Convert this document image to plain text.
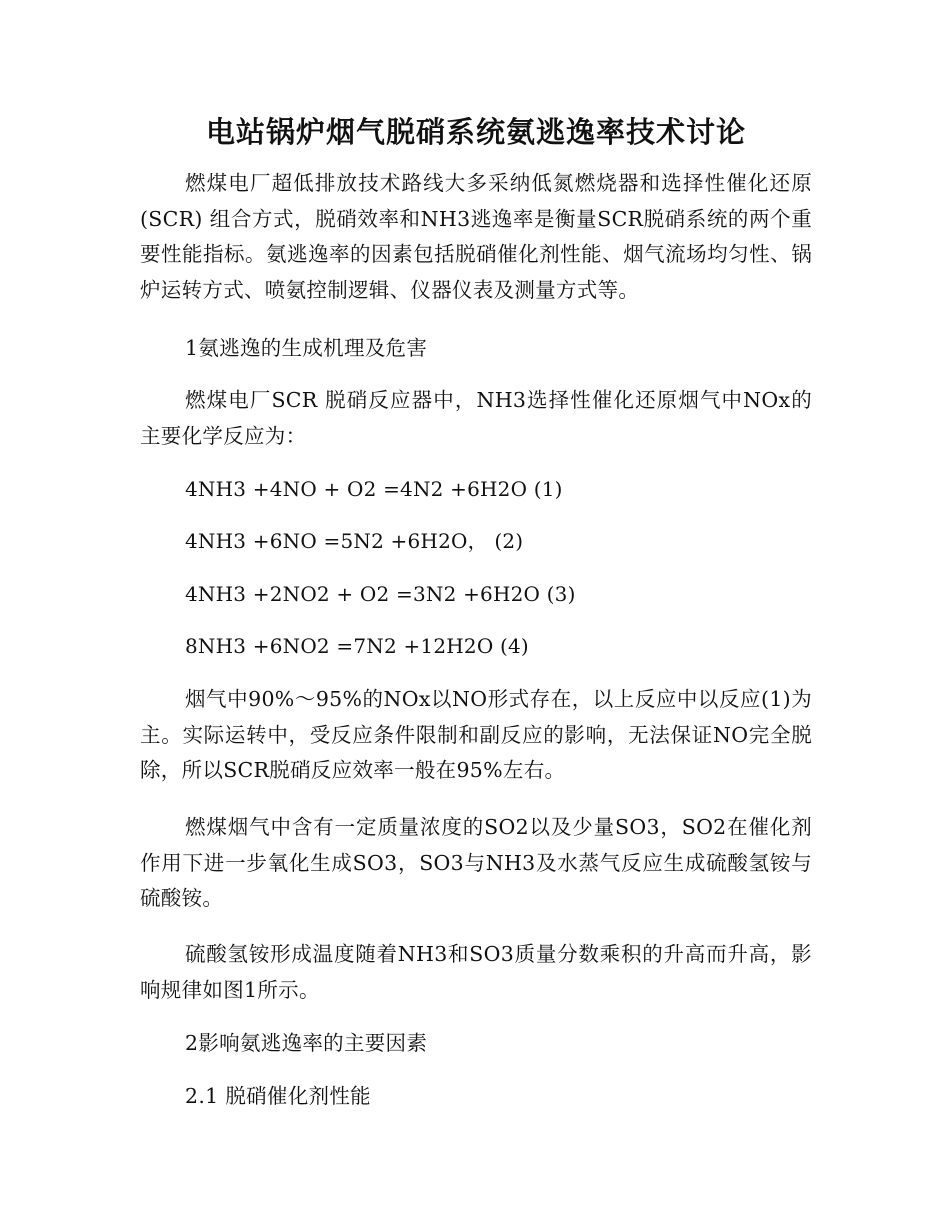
电站锅炉烟气脱硝系统氨逃逸率技术讨论

燃煤电厂超低排放技术路线大多采纳低氮燃烧器和选择性催化还原(SCR) 组合方式，脱硝效率和NH3逃逸率是衡量SCR脱硝系统的两个重要性能指标。氨逃逸率的因素包括脱硝催化剂性能、烟气流场均匀性、锅炉运转方式、喷氨控制逻辑、仪器仪表及测量方式等。

1氨逃逸的生成机理及危害

燃煤电厂SCR 脱硝反应器中，NH3选择性催化还原烟气中NOx的主要化学反应为：

4NH3 +4NO + O2 =4N2 +6H2O (1)

4NH3 +6NO =5N2 +6H2O， (2)

4NH3 +2NO2 + O2 =3N2 +6H2O (3)

8NH3 +6NO2 =7N2 +12H2O (4)

烟气中90%～95%的NOx以NO形式存在，以上反应中以反应(1)为主。实际运转中，受反应条件限制和副反应的影响，无法保证NO完全脱除，所以SCR脱硝反应效率一般在95%左右。

燃煤烟气中含有一定质量浓度的SO2以及少量SO3，SO2在催化剂作用下进一步氧化生成SO3，SO3与NH3及水蒸气反应生成硫酸氢铵与硫酸铵。

硫酸氢铵形成温度随着NH3和SO3质量分数乘积的升高而升高，影响规律如图1所示。

2影响氨逃逸率的主要因素

2.1 脱硝催化剂性能
